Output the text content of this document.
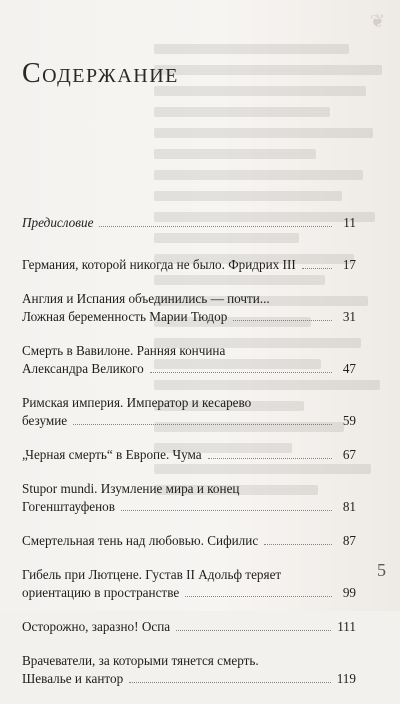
❦
Содержание
Предисловие	11
Германия, которой никогда не было. Фридрих III	17
Англия и Испания объединились — почти...
Ложная беременность Марии Тюдор	31
Смерть в Вавилоне. Ранняя кончина
Александра Великого	47
Римская империя. Император и кесарево
безумие	59
„Черная смерть“ в Европе. Чума	67
Stupor mundi. Изумление мира и конец
Гогенштауфенов	81
Смертельная тень над любовью. Сифилис	87
Гибель при Лютцене. Густав II Адольф теряет
ориентацию в пространстве	99
Осторожно, заразно! Оспа	111
Врачеватели, за которыми тянется смерть.
Шевалье и кантор	119
5
